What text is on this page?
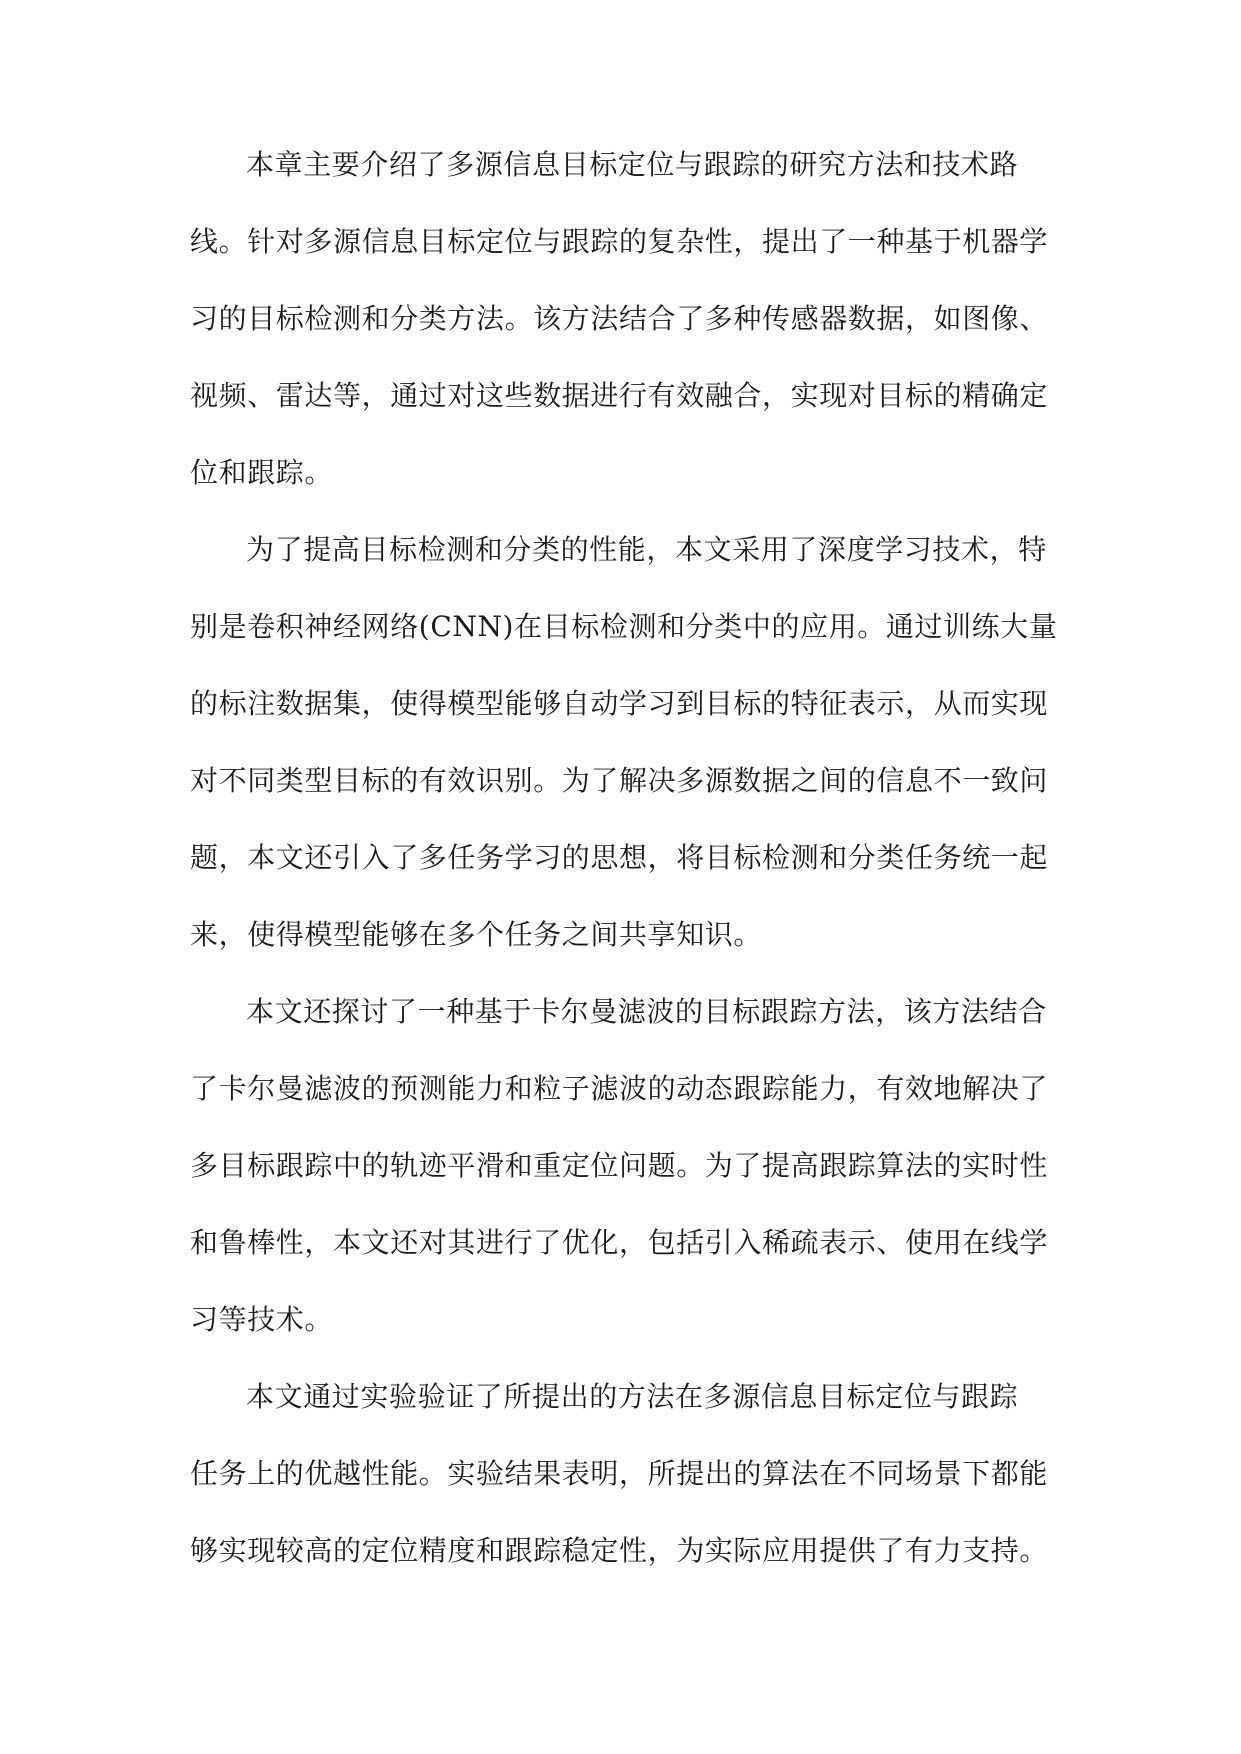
本章主要介绍了多源信息目标定位与跟踪的研究方法和技术路
线。针对多源信息目标定位与跟踪的复杂性，提出了一种基于机器学
习的目标检测和分类方法。该方法结合了多种传感器数据，如图像、
视频、雷达等，通过对这些数据进行有效融合，实现对目标的精确定
位和跟踪。
为了提高目标检测和分类的性能，本文采用了深度学习技术，特
别是卷积神经网络(CNN)在目标检测和分类中的应用。通过训练大量
的标注数据集，使得模型能够自动学习到目标的特征表示，从而实现
对不同类型目标的有效识别。为了解决多源数据之间的信息不一致问
题，本文还引入了多任务学习的思想，将目标检测和分类任务统一起
来，使得模型能够在多个任务之间共享知识。
本文还探讨了一种基于卡尔曼滤波的目标跟踪方法，该方法结合
了卡尔曼滤波的预测能力和粒子滤波的动态跟踪能力，有效地解决了
多目标跟踪中的轨迹平滑和重定位问题。为了提高跟踪算法的实时性
和鲁棒性，本文还对其进行了优化，包括引入稀疏表示、使用在线学
习等技术。
本文通过实验验证了所提出的方法在多源信息目标定位与跟踪
任务上的优越性能。实验结果表明，所提出的算法在不同场景下都能
够实现较高的定位精度和跟踪稳定性，为实际应用提供了有力支持。
